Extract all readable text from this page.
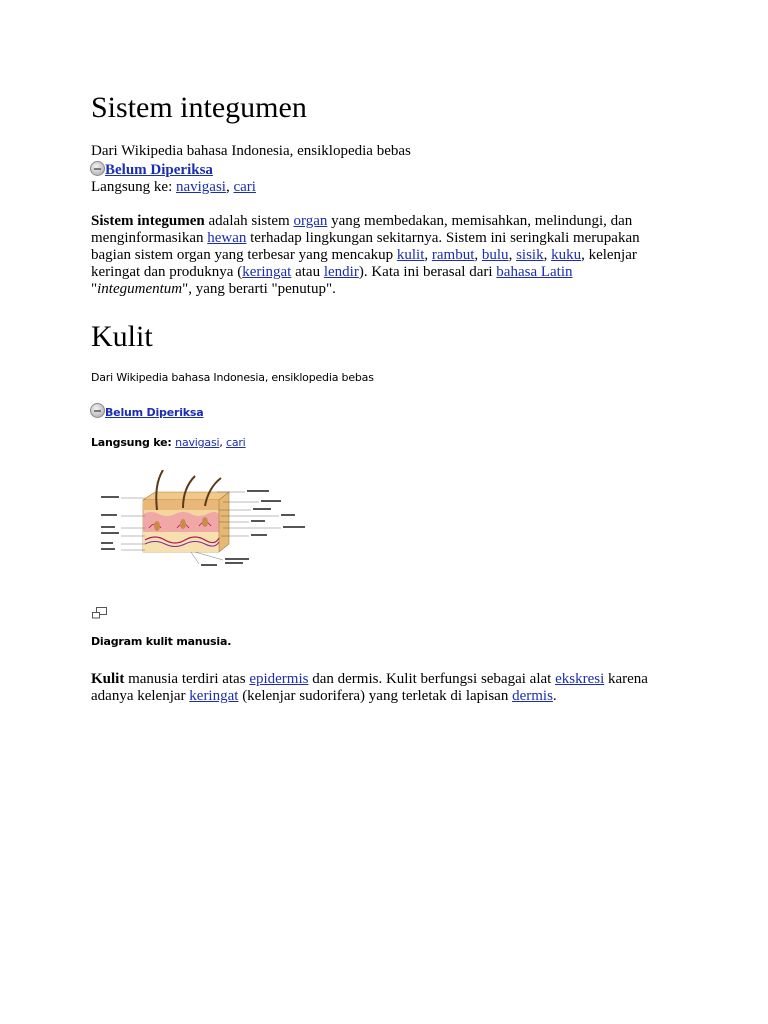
Sistem integumen
Dari Wikipedia bahasa Indonesia, ensiklopedia bebas
Belum Diperiksa
Langsung ke: navigasi, cari
Sistem integumen adalah sistem organ yang membedakan, memisahkan, melindungi, dan
menginformasikan hewan terhadap lingkungan sekitarnya. Sistem ini seringkali merupakan
bagian sistem organ yang terbesar yang mencakup kulit, rambut, bulu, sisik, kuku, kelenjar
keringat dan produknya (keringat atau lendir). Kata ini berasal dari bahasa Latin
"integumentum", yang berarti "penutup".
Kulit
Dari Wikipedia bahasa Indonesia, ensiklopedia bebas
Belum Diperiksa
Langsung ke: navigasi, cari
Diagram kulit manusia.
Kulit manusia terdiri atas epidermis dan dermis. Kulit berfungsi sebagai alat ekskresi karena
adanya kelenjar keringat (kelenjar sudorifera) yang terletak di lapisan dermis.
